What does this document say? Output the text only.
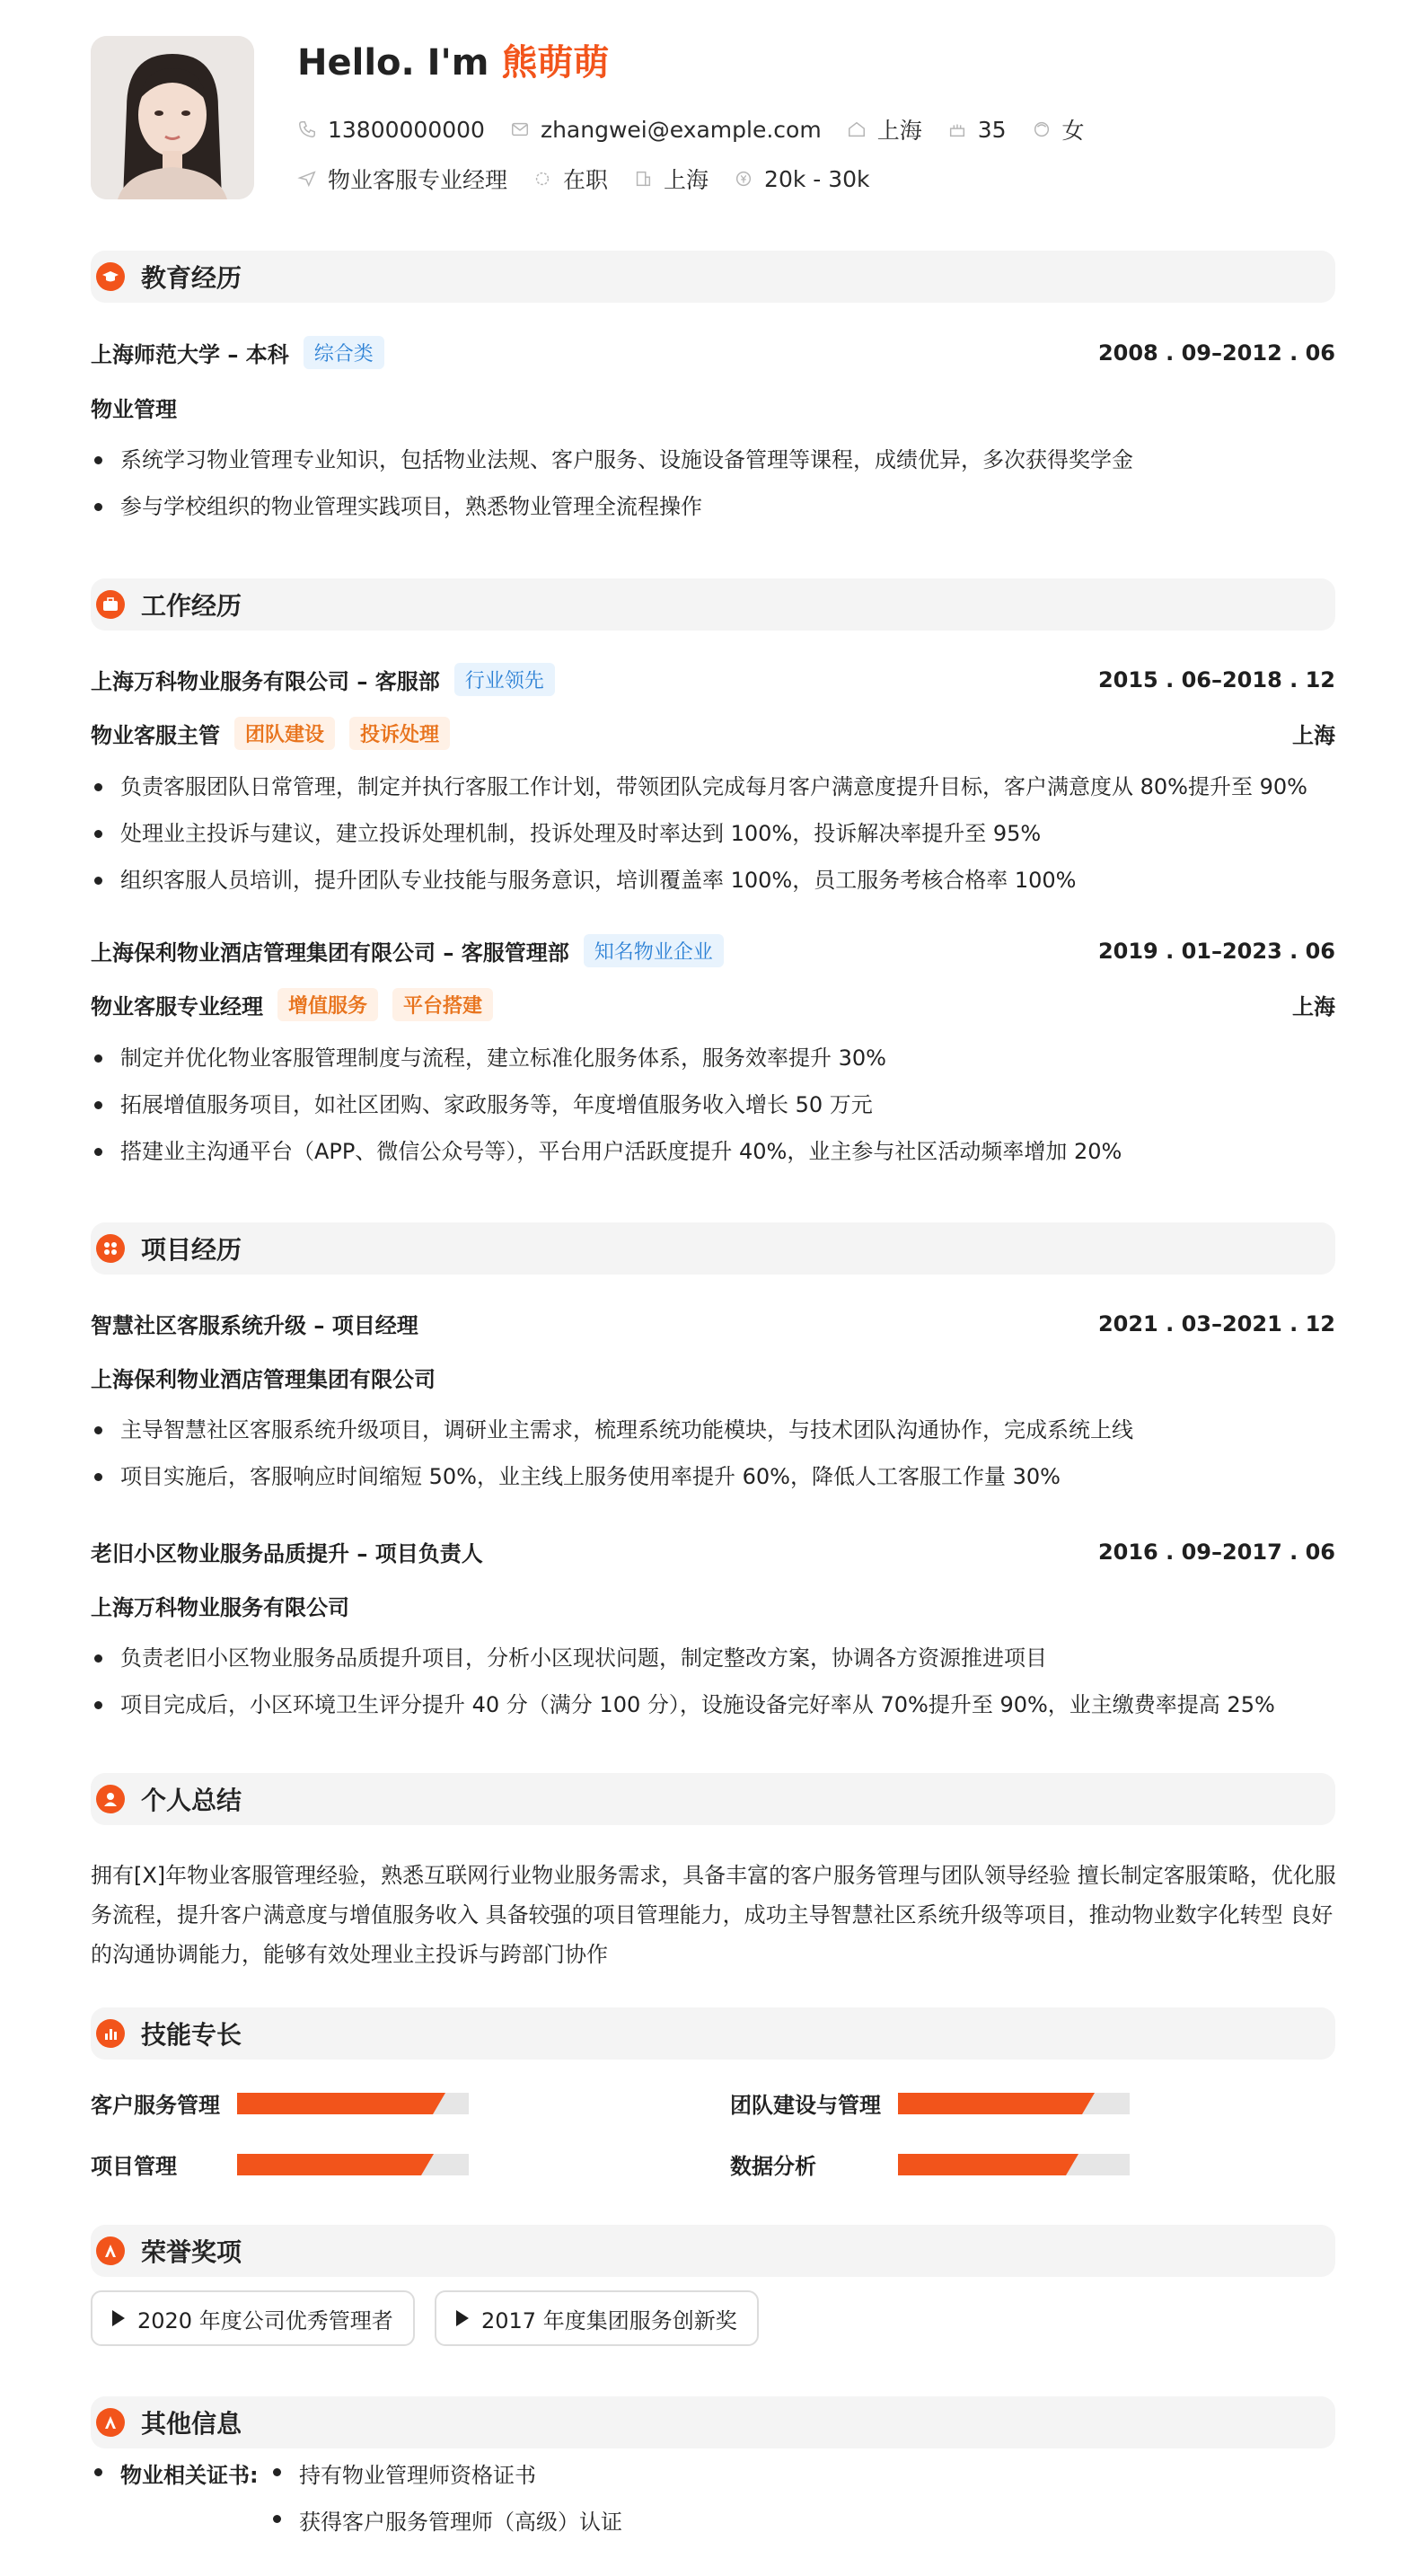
Hello. I'm 熊萌萌
13800000000 zhangwei@example.com 上海 35 女
物业客服专业经理 在职 上海 20k - 30k
教育经历
上海师范大学 – 本科	综合类	2008 . 09–2012 . 06
物业管理
系统学习物业管理专业知识，包括物业法规、客户服务、设施设备管理等课程，成绩优异，多次获得奖学金
参与学校组织的物业管理实践项目，熟悉物业管理全流程操作
工作经历
上海万科物业服务有限公司 – 客服部	行业领先	2015 . 06–2018 . 12
物业客服主管	团队建设	投诉处理	上海
负责客服团队日常管理，制定并执行客服工作计划，带领团队完成每月客户满意度提升目标，客户满意度从 80%提升至 90%
处理业主投诉与建议，建立投诉处理机制，投诉处理及时率达到 100%，投诉解决率提升至 95%
组织客服人员培训，提升团队专业技能与服务意识，培训覆盖率 100%，员工服务考核合格率 100%
上海保利物业酒店管理集团有限公司 – 客服管理部	知名物业企业	2019 . 01–2023 . 06
物业客服专业经理	增值服务	平台搭建	上海
制定并优化物业客服管理制度与流程，建立标准化服务体系，服务效率提升 30%
拓展增值服务项目，如社区团购、家政服务等，年度增值服务收入增长 50 万元
搭建业主沟通平台（APP、微信公众号等），平台用户活跃度提升 40%，业主参与社区活动频率增加 20%
项目经历
智慧社区客服系统升级 – 项目经理	2021 . 03–2021 . 12
上海保利物业酒店管理集团有限公司
主导智慧社区客服系统升级项目，调研业主需求，梳理系统功能模块，与技术团队沟通协作，完成系统上线
项目实施后，客服响应时间缩短 50%，业主线上服务使用率提升 60%，降低人工客服工作量 30%
老旧小区物业服务品质提升 – 项目负责人	2016 . 09–2017 . 06
上海万科物业服务有限公司
负责老旧小区物业服务品质提升项目，分析小区现状问题，制定整改方案，协调各方资源推进项目
项目完成后，小区环境卫生评分提升 40 分（满分 100 分），设施设备完好率从 70%提升至 90%，业主缴费率提高 25%
个人总结
拥有[X]年物业客服管理经验，熟悉互联网行业物业服务需求，具备丰富的客户服务管理与团队领导经验 擅长制定客服策略，优化服务流程，提升客户满意度与增值服务收入 具备较强的项目管理能力，成功主导智慧社区系统升级等项目，推动物业数字化转型 良好的沟通协调能力，能够有效处理业主投诉与跨部门协作
技能专长
客户服务管理	团队建设与管理
项目管理	数据分析
荣誉奖项
2020 年度公司优秀管理者	2017 年度集团服务创新奖
其他信息
物业相关证书:	持有物业管理师资格证书
获得客户服务管理师（高级）认证
